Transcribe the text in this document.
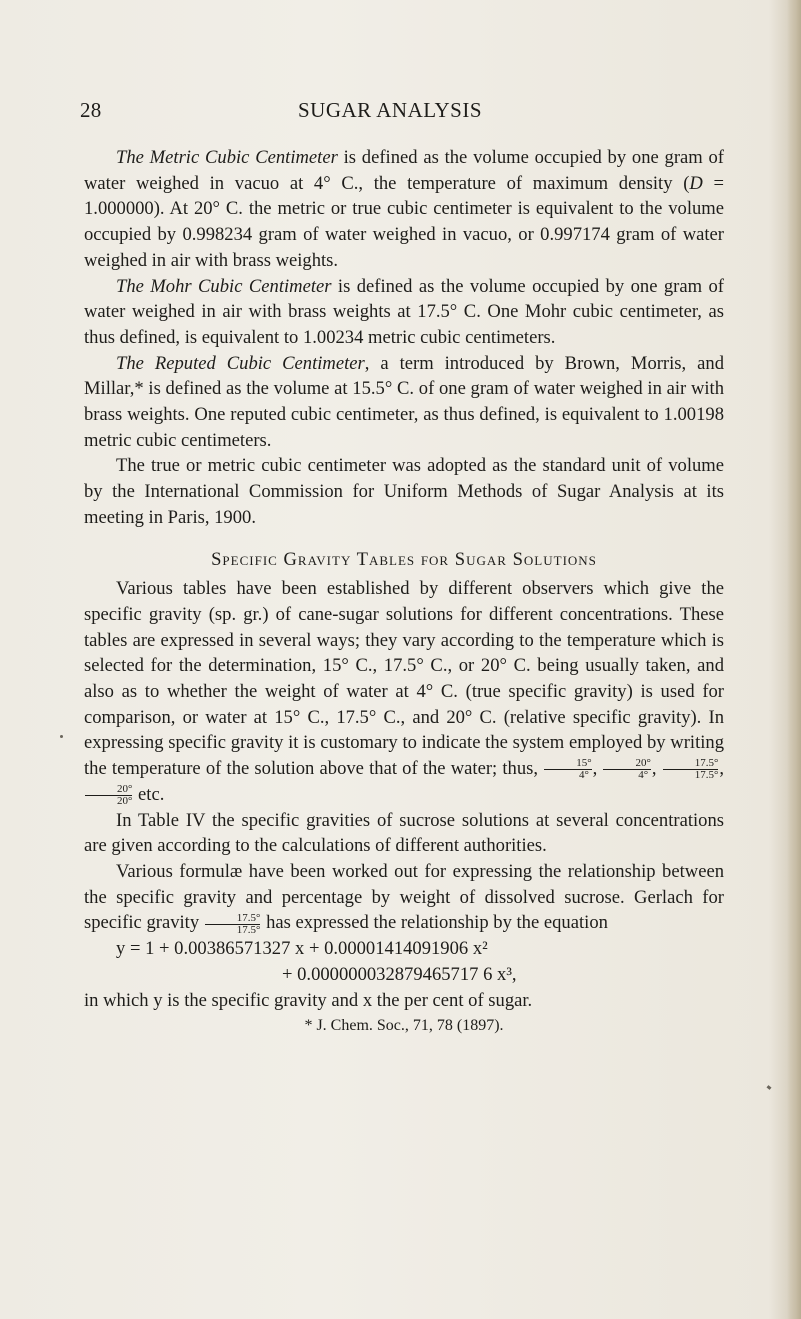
28	SUGAR ANALYSIS

The Metric Cubic Centimeter is defined as the volume occupied by one gram of water weighed in vacuo at 4° C., the temperature of maximum density (D = 1.000000). At 20° C. the metric or true cubic centimeter is equivalent to the volume occupied by 0.998234 gram of water weighed in vacuo, or 0.997174 gram of water weighed in air with brass weights.

The Mohr Cubic Centimeter is defined as the volume occupied by one gram of water weighed in air with brass weights at 17.5° C. One Mohr cubic centimeter, as thus defined, is equivalent to 1.00234 metric cubic centimeters.

The Reputed Cubic Centimeter, a term introduced by Brown, Morris, and Millar,* is defined as the volume at 15.5° C. of one gram of water weighed in air with brass weights. One reputed cubic centimeter, as thus defined, is equivalent to 1.00198 metric cubic centimeters.

The true or metric cubic centimeter was adopted as the standard unit of volume by the International Commission for Uniform Methods of Sugar Analysis at its meeting in Paris, 1900.

Specific Gravity Tables for Sugar Solutions

Various tables have been established by different observers which give the specific gravity (sp. gr.) of cane-sugar solutions for different concentrations. These tables are expressed in several ways; they vary according to the temperature which is selected for the determination, 15° C., 17.5° C., or 20° C. being usually taken, and also as to whether the weight of water at 4° C. (true specific gravity) is used for comparison, or water at 15° C., 17.5° C., and 20° C. (relative specific gravity). In expressing specific gravity it is customary to indicate the system employed by writing the temperature of the solution above that of the water; thus, $\frac{15^\circ}{4^\circ}$ , $\frac{20^\circ}{4^\circ}$ , $\frac{17.5^\circ}{17.5^\circ}$ ,
$\frac{20^\circ}{20^\circ}$ etc.

In Table IV the specific gravities of sucrose solutions at several concentrations are given according to the calculations of different authorities.

Various formulæ have been worked out for expressing the relationship between the specific gravity and percentage by weight of dissolved sucrose. Gerlach for specific gravity $\frac{17.5^\circ}{17.5^\circ}$ has expressed the relationship by the equation

y = 1 + 0.00386571327 x + 0.00001414091906 x²
+ 0.000000032879465717 6 x³,

in which y is the specific gravity and x the per cent of sugar.

* J. Chem. Soc., 71, 78 (1897).
